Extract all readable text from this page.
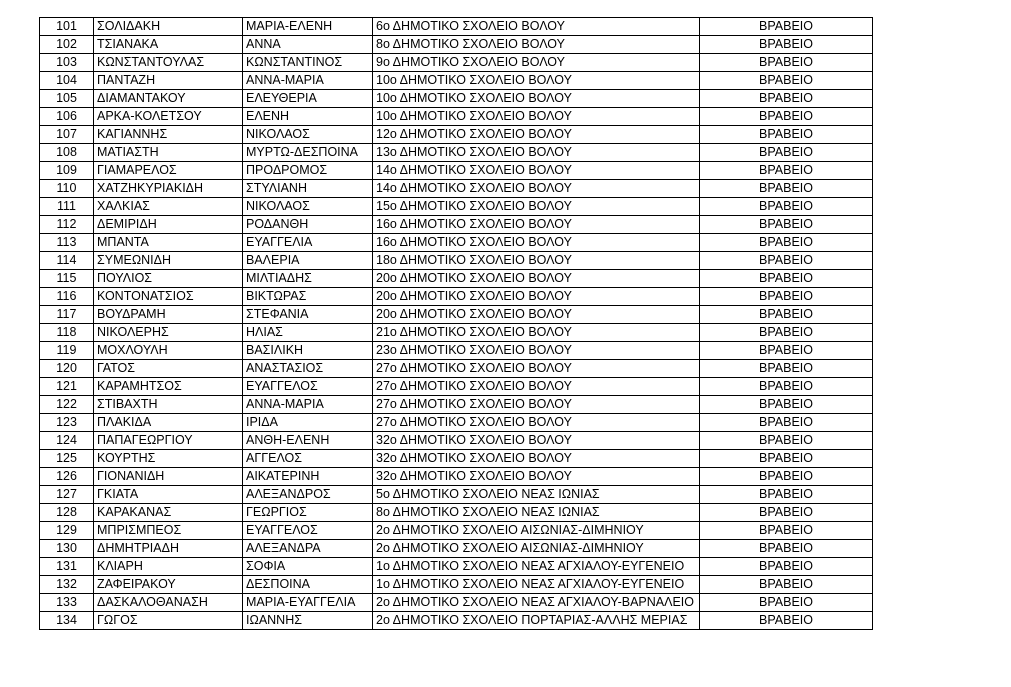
101	ΣΟΛΙΔΑΚΗ	ΜΑΡΙΑ-ΕΛΕΝΗ	6ο ΔΗΜΟΤΙΚΟ ΣΧΟΛΕΙΟ ΒΟΛΟΥ	ΒΡΑΒΕΙΟ
102	ΤΣΙΑΝΑΚΑ	ΑΝΝΑ	8ο ΔΗΜΟΤΙΚΟ ΣΧΟΛΕΙΟ ΒΟΛΟΥ	ΒΡΑΒΕΙΟ
103	ΚΩΝΣΤΑΝΤΟΥΛΑΣ	ΚΩΝΣΤΑΝΤΙΝΟΣ	9ο ΔΗΜΟΤΙΚΟ ΣΧΟΛΕΙΟ ΒΟΛΟΥ	ΒΡΑΒΕΙΟ
104	ΠΑΝΤΑΖΗ	ΑΝΝΑ-ΜΑΡΙΑ	10ο ΔΗΜΟΤΙΚΟ ΣΧΟΛΕΙΟ ΒΟΛΟΥ	ΒΡΑΒΕΙΟ
105	ΔΙΑΜΑΝΤΑΚΟΥ	ΕΛΕΥΘΕΡΙΑ	10ο ΔΗΜΟΤΙΚΟ ΣΧΟΛΕΙΟ ΒΟΛΟΥ	ΒΡΑΒΕΙΟ
106	ΑΡΚΑ-ΚΟΛΕΤΣΟΥ	ΕΛΕΝΗ	10ο ΔΗΜΟΤΙΚΟ ΣΧΟΛΕΙΟ ΒΟΛΟΥ	ΒΡΑΒΕΙΟ
107	ΚΑΓΙΑΝΝΗΣ	ΝΙΚΟΛΑΟΣ	12ο ΔΗΜΟΤΙΚΟ ΣΧΟΛΕΙΟ ΒΟΛΟΥ	ΒΡΑΒΕΙΟ
108	ΜΑΤΙΑΣΤΗ	ΜΥΡΤΩ-ΔΕΣΠΟΙΝΑ	13ο ΔΗΜΟΤΙΚΟ ΣΧΟΛΕΙΟ ΒΟΛΟΥ	ΒΡΑΒΕΙΟ
109	ΓΙΑΜΑΡΕΛΟΣ	ΠΡΟΔΡΟΜΟΣ	14ο ΔΗΜΟΤΙΚΟ ΣΧΟΛΕΙΟ ΒΟΛΟΥ	ΒΡΑΒΕΙΟ
110	ΧΑΤΖΗΚΥΡΙΑΚΙΔΗ	ΣΤΥΛΙΑΝΗ	14ο ΔΗΜΟΤΙΚΟ ΣΧΟΛΕΙΟ ΒΟΛΟΥ	ΒΡΑΒΕΙΟ
111	ΧΑΛΚΙΑΣ	ΝΙΚΟΛΑΟΣ	15ο ΔΗΜΟΤΙΚΟ ΣΧΟΛΕΙΟ ΒΟΛΟΥ	ΒΡΑΒΕΙΟ
112	ΔΕΜΙΡΙΔΗ	ΡΟΔΑΝΘΗ	16ο ΔΗΜΟΤΙΚΟ ΣΧΟΛΕΙΟ ΒΟΛΟΥ	ΒΡΑΒΕΙΟ
113	ΜΠΑΝΤΑ	ΕΥΑΓΓΕΛΙΑ	16ο ΔΗΜΟΤΙΚΟ ΣΧΟΛΕΙΟ ΒΟΛΟΥ	ΒΡΑΒΕΙΟ
114	ΣΥΜΕΩΝΙΔΗ	ΒΑΛΕΡΙΑ	18ο ΔΗΜΟΤΙΚΟ ΣΧΟΛΕΙΟ ΒΟΛΟΥ	ΒΡΑΒΕΙΟ
115	ΠΟΥΛΙΟΣ	ΜΙΛΤΙΑΔΗΣ	20ο ΔΗΜΟΤΙΚΟ ΣΧΟΛΕΙΟ ΒΟΛΟΥ	ΒΡΑΒΕΙΟ
116	ΚΟΝΤΟΝΑΤΣΙΟΣ	ΒΙΚΤΩΡΑΣ	20ο ΔΗΜΟΤΙΚΟ ΣΧΟΛΕΙΟ ΒΟΛΟΥ	ΒΡΑΒΕΙΟ
117	ΒΟΥΔΡΑΜΗ	ΣΤΕΦΑΝΙΑ	20ο ΔΗΜΟΤΙΚΟ ΣΧΟΛΕΙΟ ΒΟΛΟΥ	ΒΡΑΒΕΙΟ
118	ΝΙΚΟΛΕΡΗΣ	ΗΛΙΑΣ	21ο ΔΗΜΟΤΙΚΟ ΣΧΟΛΕΙΟ ΒΟΛΟΥ	ΒΡΑΒΕΙΟ
119	ΜΟΧΛΟΥΛΗ	ΒΑΣΙΛΙΚΗ	23ο ΔΗΜΟΤΙΚΟ ΣΧΟΛΕΙΟ ΒΟΛΟΥ	ΒΡΑΒΕΙΟ
120	ΓΑΤΟΣ	ΑΝΑΣΤΑΣΙΟΣ	27ο ΔΗΜΟΤΙΚΟ ΣΧΟΛΕΙΟ ΒΟΛΟΥ	ΒΡΑΒΕΙΟ
121	ΚΑΡΑΜΗΤΣΟΣ	ΕΥΑΓΓΕΛΟΣ	27ο ΔΗΜΟΤΙΚΟ ΣΧΟΛΕΙΟ ΒΟΛΟΥ	ΒΡΑΒΕΙΟ
122	ΣΤΙΒΑΧΤΗ	ΑΝΝΑ-ΜΑΡΙΑ	27ο ΔΗΜΟΤΙΚΟ ΣΧΟΛΕΙΟ ΒΟΛΟΥ	ΒΡΑΒΕΙΟ
123	ΠΛΑΚΙΔΑ	ΙΡΙΔΑ	27ο ΔΗΜΟΤΙΚΟ ΣΧΟΛΕΙΟ ΒΟΛΟΥ	ΒΡΑΒΕΙΟ
124	ΠΑΠΑΓΕΩΡΓΙΟΥ	ΑΝΘΗ-ΕΛΕΝΗ	32ο ΔΗΜΟΤΙΚΟ ΣΧΟΛΕΙΟ ΒΟΛΟΥ	ΒΡΑΒΕΙΟ
125	ΚΟΥΡΤΗΣ	ΑΓΓΕΛΟΣ	32ο ΔΗΜΟΤΙΚΟ ΣΧΟΛΕΙΟ ΒΟΛΟΥ	ΒΡΑΒΕΙΟ
126	ΓΙΟΝΑΝΙΔΗ	ΑΙΚΑΤΕΡΙΝΗ	32ο ΔΗΜΟΤΙΚΟ ΣΧΟΛΕΙΟ ΒΟΛΟΥ	ΒΡΑΒΕΙΟ
127	ΓΚΙΑΤΑ	ΑΛΕΞΑΝΔΡΟΣ	5ο ΔΗΜΟΤΙΚΟ ΣΧΟΛΕΙΟ ΝΕΑΣ ΙΩΝΙΑΣ	ΒΡΑΒΕΙΟ
128	ΚΑΡΑΚΑΝΑΣ	ΓΕΩΡΓΙΟΣ	8ο ΔΗΜΟΤΙΚΟ ΣΧΟΛΕΙΟ ΝΕΑΣ ΙΩΝΙΑΣ	ΒΡΑΒΕΙΟ
129	ΜΠΡΙΣΜΠΕΟΣ	ΕΥΑΓΓΕΛΟΣ	2ο ΔΗΜΟΤΙΚΟ ΣΧΟΛΕΙΟ ΑΙΣΩΝΙΑΣ-ΔΙΜΗΝΙΟΥ	ΒΡΑΒΕΙΟ
130	ΔΗΜΗΤΡΙΑΔΗ	ΑΛΕΞΑΝΔΡΑ	2ο ΔΗΜΟΤΙΚΟ ΣΧΟΛΕΙΟ ΑΙΣΩΝΙΑΣ-ΔΙΜΗΝΙΟΥ	ΒΡΑΒΕΙΟ
131	ΚΛΙΑΡΗ	ΣΟΦΙΑ	1ο ΔΗΜΟΤΙΚΟ ΣΧΟΛΕΙΟ ΝΕΑΣ ΑΓΧΙΑΛΟΥ-ΕΥΓΕΝΕΙΟ	ΒΡΑΒΕΙΟ
132	ΖΑΦΕΙΡΑΚΟΥ	ΔΕΣΠΟΙΝΑ	1ο ΔΗΜΟΤΙΚΟ ΣΧΟΛΕΙΟ ΝΕΑΣ ΑΓΧΙΑΛΟΥ-ΕΥΓΕΝΕΙΟ	ΒΡΑΒΕΙΟ
133	ΔΑΣΚΑΛΟΘΑΝΑΣΗ	ΜΑΡΙΑ-ΕΥΑΓΓΕΛΙΑ	2ο ΔΗΜΟΤΙΚΟ ΣΧΟΛΕΙΟ ΝΕΑΣ ΑΓΧΙΑΛΟΥ-ΒΑΡΝΑΛΕΙΟ	ΒΡΑΒΕΙΟ
134	ΓΩΓΟΣ	ΙΩΑΝΝΗΣ	2ο ΔΗΜΟΤΙΚΟ ΣΧΟΛΕΙΟ ΠΟΡΤΑΡΙΑΣ-ΑΛΛΗΣ ΜΕΡΙΑΣ	ΒΡΑΒΕΙΟ
